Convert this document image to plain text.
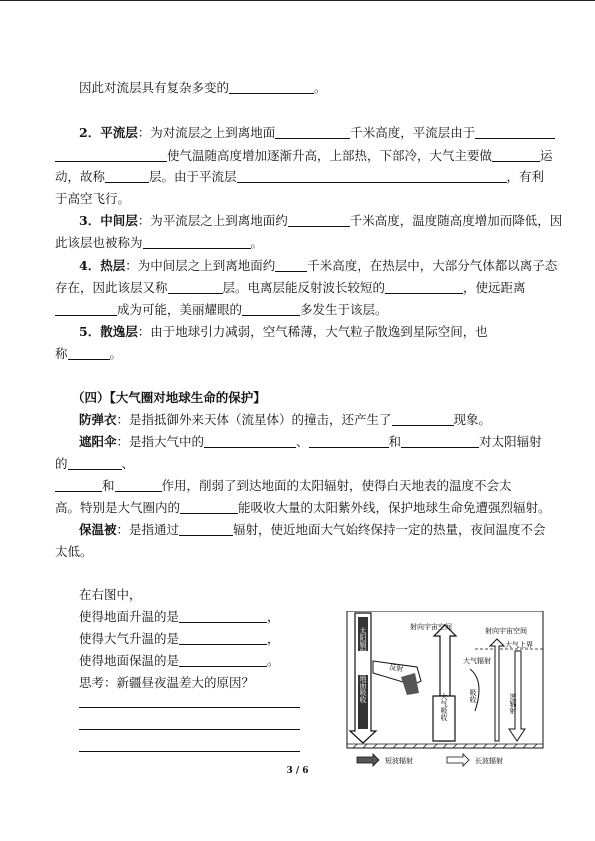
因此对流层具有复杂多变的	。
2．平流层：为对流层之上到离地面	千米高度，平流层由于
使气温随高度增加逐渐升高，上部热，下部冷，大气主要做	运
动，故称	层。由于平流层	，有利
于高空飞行。
3．中间层：为平流层之上到离地面约	千米高度，温度随高度增加而降低，因
此该层也被称为	。
4．热层：为中间层之上到离地面约	千米高度，在热层中，大部分气体都以离子态
存在，因此该层又称	层。电离层能反射波长较短的	，使远距离
成为可能，美丽耀眼的	多发生于该层。
5．散逸层：由于地球引力减弱，空气稀薄，大气粒子散逸到星际空间，也
称	。
（四）【大气圈对地球生命的保护】
防弹衣：是指抵御外来天体（流星体）的撞击，还产生了	现象。
遮阳伞：是指大气中的	、	和	对太阳辐射
的	、
和	作用，削弱了到达地面的太阳辐射，使得白天地表的温度不会太
高。特别是大气圈内的	能吸收大量的太阳紫外线，保护地球生命免遭强烈辐射。
保温被：是指通过	辐射，使近地面大气始终保持一定的热量，夜间温度不会
太低。
在右图中，
使得地面升温的是	，
使得大气升温的是	，
使得地面保温的是	。
思考：新疆昼夜温差大的原因？
太阳辐射
地面吸收
反射
射向宇宙空间	射向宇宙空间
大气上界
大气辐射
大气吸收	吸收	逆辐射
短波辐射	长波辐射
3 / 6
